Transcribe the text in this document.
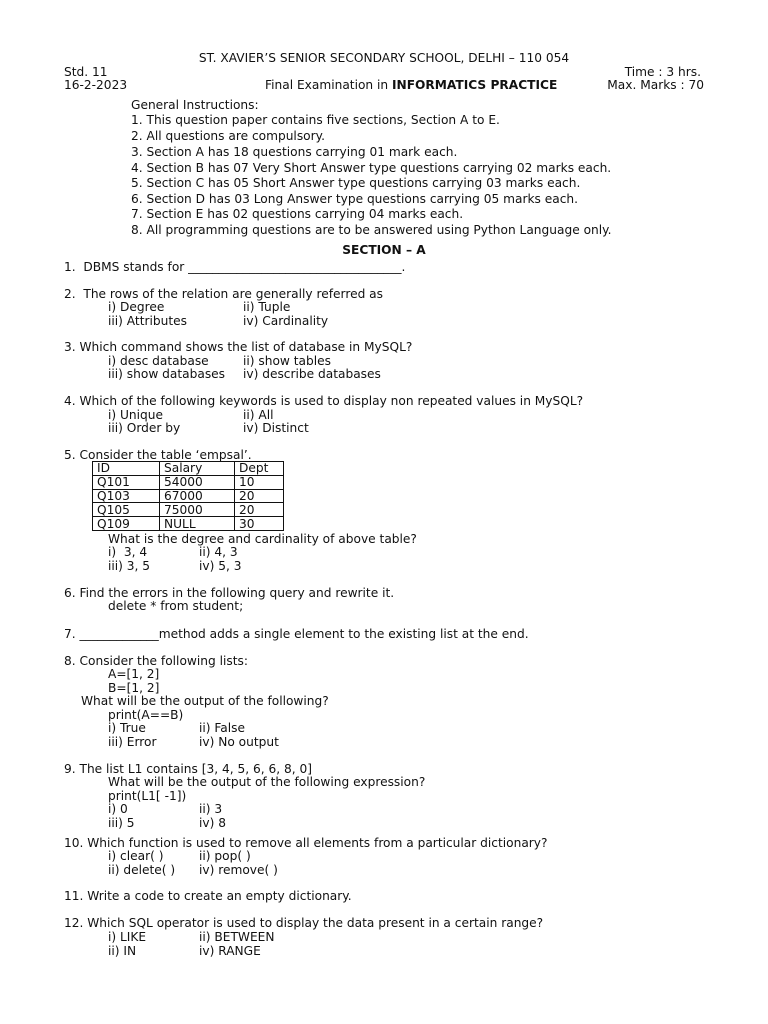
ST. XAVIER’S SENIOR SECONDARY SCHOOL, DELHI – 110 054
Std. 11	Time : 3 hrs.
16-2-2023	Final Examination in INFORMATICS PRACTICE	Max. Marks : 70
General Instructions:
1. This question paper contains five sections, Section A to E.
2. All questions are compulsory.
3. Section A has 18 questions carrying 01 mark each.
4. Section B has 07 Very Short Answer type questions carrying 02 marks each.
5. Section C has 05 Short Answer type questions carrying 03 marks each.
6. Section D has 03 Long Answer type questions carrying 05 marks each.
7. Section E has 02 questions carrying 04 marks each.
8. All programming questions are to be answered using Python Language only.
SECTION – A
1.  DBMS stands for ___________________________________.
2.  The rows of the relation are generally referred as
i) Degree	ii) Tuple
iii) Attributes	iv) Cardinality
3. Which command shows the list of database in MySQL?
i) desc database	ii) show tables
iii) show databases iv) describe databases
4. Which of the following keywords is used to display non repeated values in MySQL?
i) Unique	ii) All
iii) Order by	iv) Distinct
5. Consider the table ‘empsal’.
ID	Salary	Dept
Q101	54000	10
Q103	67000	20
Q105	75000	20
Q109	NULL	30
What is the degree and cardinality of above table?
i)  3, 4	ii) 4, 3
iii) 3, 5	iv) 5, 3
6. Find the errors in the following query and rewrite it.
delete * from student;
7. _____________method adds a single element to the existing list at the end.
8. Consider the following lists:
A=[1, 2]
B=[1, 2]
What will be the output of the following?
print(A==B)
i) True	ii) False
iii) Error	iv) No output
9. The list L1 contains [3, 4, 5, 6, 6, 8, 0]
What will be the output of the following expression?
print(L1[ -1])
i) 0	ii) 3
iii) 5	iv) 8
10. Which function is used to remove all elements from a particular dictionary?
i) clear( )	ii) pop( )
ii) delete( ) iv) remove( )
11. Write a code to create an empty dictionary.
12. Which SQL operator is used to display the data present in a certain range?
i) LIKE	ii) BETWEEN
ii) IN	iv) RANGE
